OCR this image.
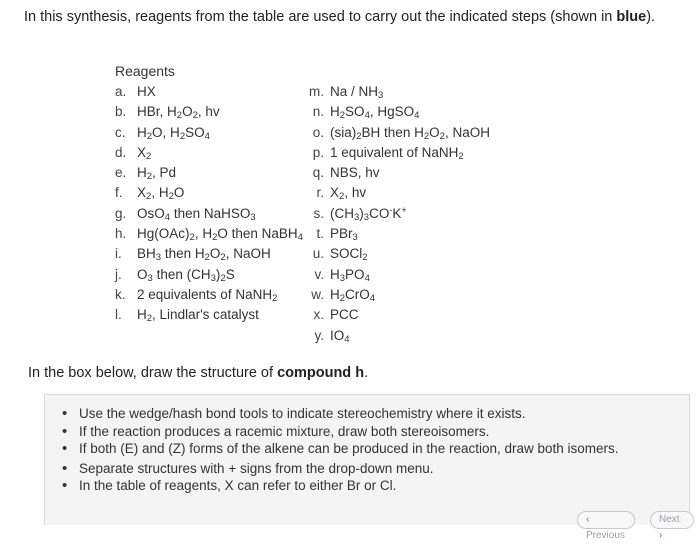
In this synthesis, reagents from the table are used to carry out the indicated steps (shown in blue).
Reagents
a. HX
b. HBr, $H_2O_2$, hv
c. $H_2O$, $H_2SO_4$
d. $X_2$
e. $H_2$, Pd
f. $X_2$, $H_2O$
g. OsO$_4$ then NaHSO$_3$
h. $Hg(OAc)_2$, $H_2O$ then NaBH$_4$
i. $BH_3$ then $H_2O_2$, NaOH
j. $O_3$ then $(CH_3)_2S$
k. 2 equivalents of NaNH$_2$
l. $H_2$, Lindlar's catalyst
m. Na / $NH_3$
n. $H_2SO_4$, HgSO$_4$
o. $(sia)_2BH$ then $H_2O_2$, NaOH
p. 1 equivalent of NaNH$_2$
q. NBS, hv
r. $X_2$, hv
s. $(CH_3)_3CO^-K^+$
t. PBr$_3$
u. SOCl$_2$
v. $H_3PO_4$
w. $H_2CrO_4$
x. PCC
y. $IO_4$
In the box below, draw the structure of compound h.
• Use the wedge/hash bond tools to indicate stereochemistry where it exists.
• If the reaction produces a racemic mixture, draw both stereoisomers.
• If both (E) and (Z) forms of the alkene can be produced in the reaction, draw both isomers.
• Separate structures with + signs from the drop-down menu.
• In the table of reagents, X can refer to either Br or Cl.
‹ Previous
Next ›
